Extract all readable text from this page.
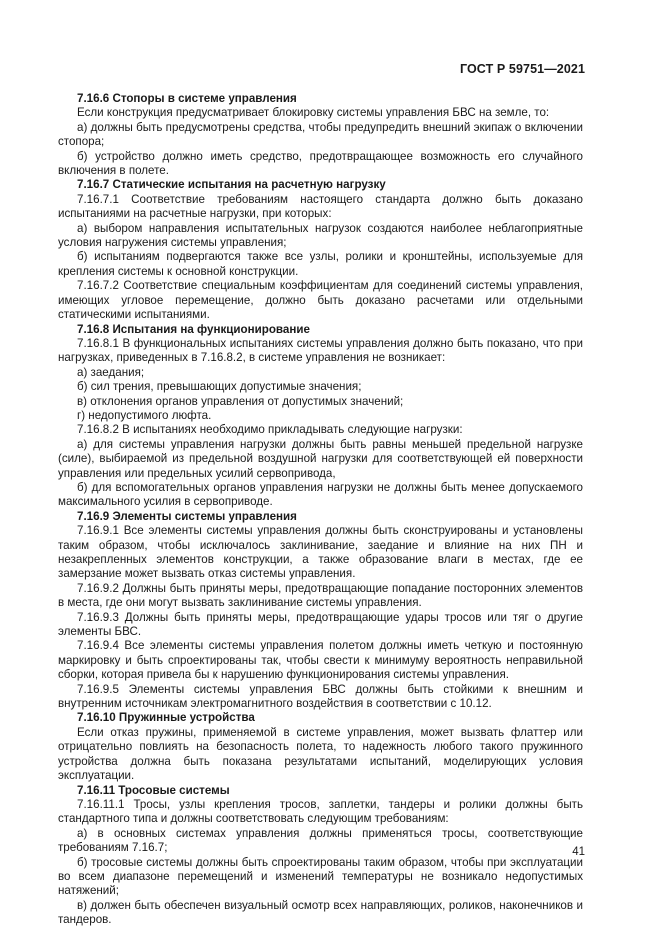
ГОСТ Р 59751—2021

7.16.6 Стопоры в системе управления

Если конструкция предусматривает блокировку системы управления БВС на земле, то:

а) должны быть предусмотрены средства, чтобы предупредить внешний экипаж о включении стопора;

б) устройство должно иметь средство, предотвращающее возможность его случайного включения в полете.

7.16.7 Статические испытания на расчетную нагрузку

7.16.7.1 Соответствие требованиям настоящего стандарта должно быть доказано испытаниями на расчетные нагрузки, при которых:

а) выбором направления испытательных нагрузок создаются наиболее неблагоприятные условия нагружения системы управления;

б) испытаниям подвергаются также все узлы, ролики и кронштейны, используемые для крепления системы к основной конструкции.

7.16.7.2 Соответствие специальным коэффициентам для соединений системы управления, имеющих угловое перемещение, должно быть доказано расчетами или отдельными статическими испытаниями.

7.16.8 Испытания на функционирование

7.16.8.1 В функциональных испытаниях системы управления должно быть показано, что при нагрузках, приведенных в 7.16.8.2, в системе управления не возникает:

а) заедания;

б) сил трения, превышающих допустимые значения;

в) отклонения органов управления от допустимых значений;

г) недопустимого люфта.

7.16.8.2 В испытаниях необходимо прикладывать следующие нагрузки:

а) для системы управления нагрузки должны быть равны меньшей предельной нагрузке (силе), выбираемой из предельной воздушной нагрузки для соответствующей ей поверхности управления или предельных усилий сервопривода,

б) для вспомогательных органов управления нагрузки не должны быть менее допускаемого максимального усилия в сервоприводе.

7.16.9 Элементы системы управления

7.16.9.1 Все элементы системы управления должны быть сконструированы и установлены таким образом, чтобы исключалось заклинивание, заедание и влияние на них ПН и незакрепленных элементов конструкции, а также образование влаги в местах, где ее замерзание может вызвать отказ системы управления.

7.16.9.2 Должны быть приняты меры, предотвращающие попадание посторонних элементов в места, где они могут вызвать заклинивание системы управления.

7.16.9.3 Должны быть приняты меры, предотвращающие удары тросов или тяг о другие элементы БВС.

7.16.9.4 Все элементы системы управления полетом должны иметь четкую и постоянную маркировку и быть спроектированы так, чтобы свести к минимуму вероятность неправильной сборки, которая привела бы к нарушению функционирования системы управления.

7.16.9.5 Элементы системы управления БВС должны быть стойкими к внешним и внутренним источникам электромагнитного воздействия в соответствии с 10.12.

7.16.10 Пружинные устройства

Если отказ пружины, применяемой в системе управления, может вызвать флаттер или отрицательно повлиять на безопасность полета, то надежность любого такого пружинного устройства должна быть показана результатами испытаний, моделирующих условия эксплуатации.

7.16.11 Тросовые системы

7.16.11.1 Тросы, узлы крепления тросов, заплетки, тандеры и ролики должны быть стандартного типа и должны соответствовать следующим требованиям:

а) в основных системах управления должны применяться тросы, соответствующие требованиям 7.16.7;

б) тросовые системы должны быть спроектированы таким образом, чтобы при эксплуатации во всем диапазоне перемещений и изменений температуры не возникало недопустимых натяжений;

в) должен быть обеспечен визуальный осмотр всех направляющих, роликов, наконечников и тандеров.

41
